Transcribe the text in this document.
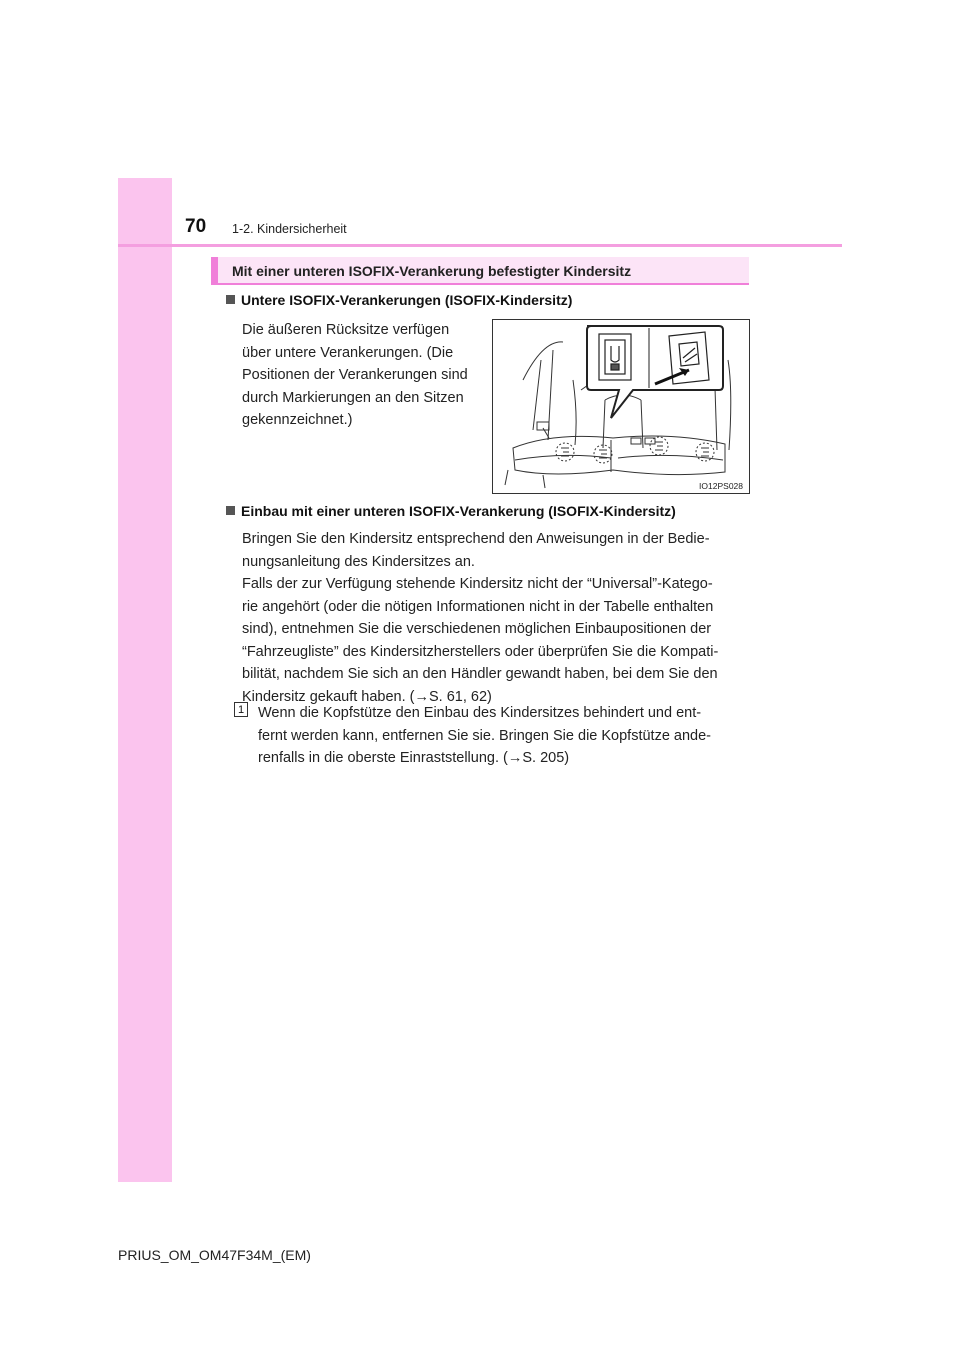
70 1-2. Kindersicherheit
Mit einer unteren ISOFIX-Verankerung befestigter Kindersitz
Untere ISOFIX-Verankerungen (ISOFIX-Kindersitz)
Die äußeren Rücksitze verfügen
über untere Verankerungen. (Die
Positionen der Verankerungen sind
durch Markierungen an den Sitzen
gekennzeichnet.)
IO12PS028
Einbau mit einer unteren ISOFIX-Verankerung (ISOFIX-Kindersitz)
Bringen Sie den Kindersitz entsprechend den Anweisungen in der Bedie-
nungsanleitung des Kindersitzes an.
Falls der zur Verfügung stehende Kindersitz nicht der “Universal”-Katego-
rie angehört (oder die nötigen Informationen nicht in der Tabelle enthalten
sind), entnehmen Sie die verschiedenen möglichen Einbaupositionen der
“Fahrzeugliste” des Kindersitzherstellers oder überprüfen Sie die Kompati-
bilität, nachdem Sie sich an den Händler gewandt haben, bei dem Sie den
Kindersitz gekauft haben. (→S. 61, 62)
1 Wenn die Kopfstütze den Einbau des Kindersitzes behindert und ent-
fernt werden kann, entfernen Sie sie. Bringen Sie die Kopfstütze ande-
renfalls in die oberste Einraststellung. (→S. 205)
PRIUS_OM_OM47F34M_(EM)
